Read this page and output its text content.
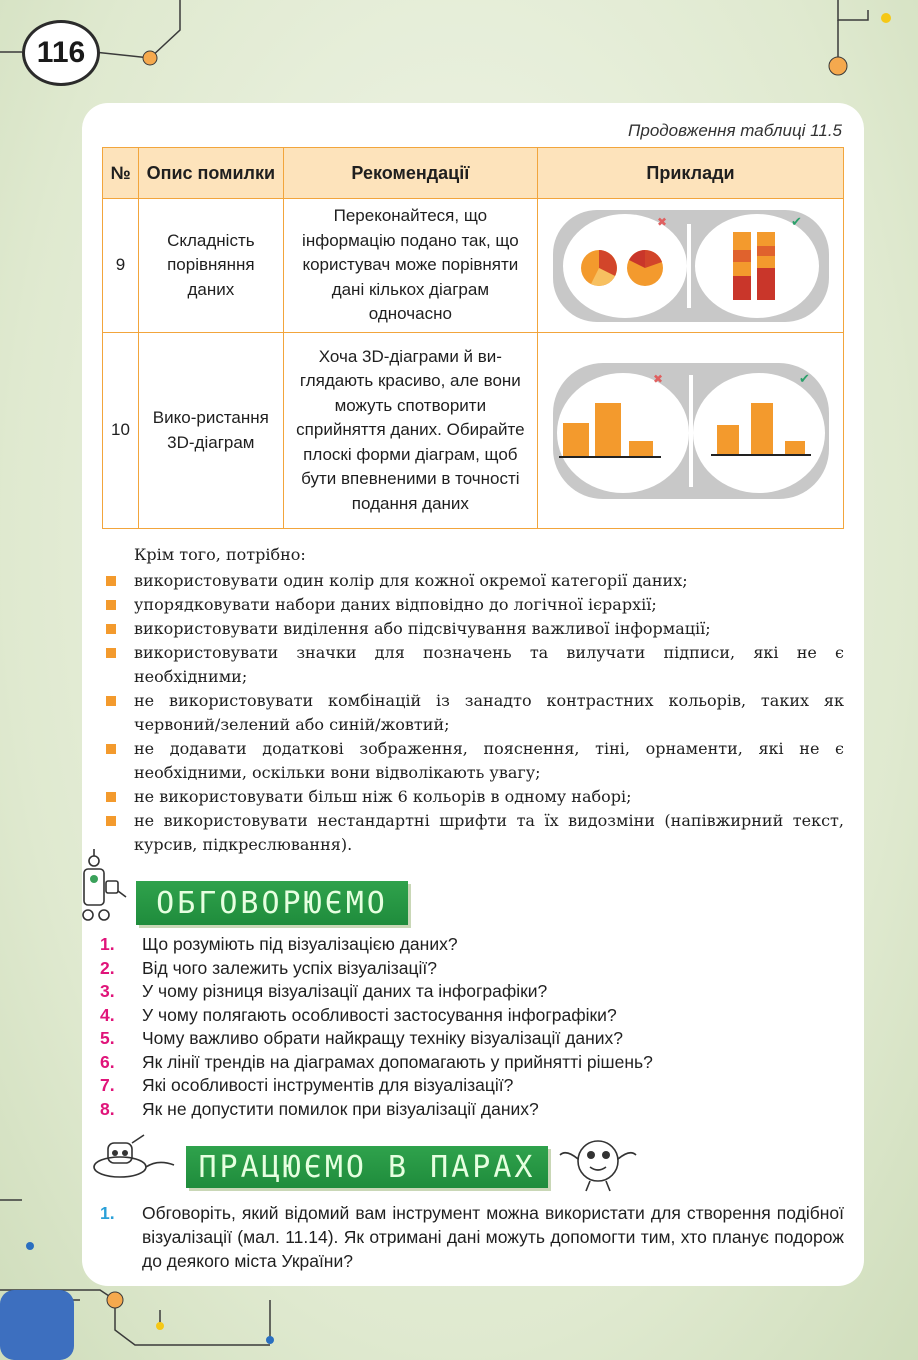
116
Продовження таблиці 11.5
№	Опис помилки	Рекомендації	Приклади
9	Складність порівняння даних	Переконайтеся, що інформацію подано так, що користувач може порівняти дані кількох діаграм одночасно	✖ ✔

10	Вико-ристання 3D-діаграм	Хоча 3D-діаграми й ви-глядають красиво, але вони можуть спотворити сприйняття даних. Обирайте плоскі форми діаграм, щоб бути впевненими в точності подання даних	✖ ✔
Крім того, потрібно:
використовувати один колір для кожної окремої категорії даних;
упорядковувати набори даних відповідно до логічної ієрархії;
використовувати виділення або підсвічування важливої інформації;
використовувати значки для позначень та вилучати підписи, які не є необхідними;
не використовувати комбінацій із занадто контрастних кольорів, таких як червоний/зелений або синій/жовтий;
не додавати додаткові зображення, пояснення, тіні, орнаменти, які не є необхідними, оскільки вони відволікають увагу;
не використовувати більш ніж 6 кольорів в одному наборі;
не використовувати нестандартні шрифти та їх видозміни (напівжирний текст, курсив, підкреслювання).
ОБГОВОРЮЄМО
1. Що розуміють під візуалізацією даних?
2. Від чого залежить успіх візуалізації?
3. У чому різниця візуалізації даних та інфографіки?
4. У чому полягають особливості застосування інфографіки?
5. Чому важливо обрати найкращу техніку візуалізації даних?
6. Як лінії трендів на діаграмах допомагають у прийнятті рішень?
7. Які особливості інструментів для візуалізації?
8. Як не допустити помилок при візуалізації даних?
ПРАЦЮЄМО В ПАРАХ
1. Обговоріть, який відомий вам інструмент можна використати для створення подібної візуалізації (мал. 11.14). Як отримані дані можуть допомогти тим, хто планує подорож до деякого міста України?
